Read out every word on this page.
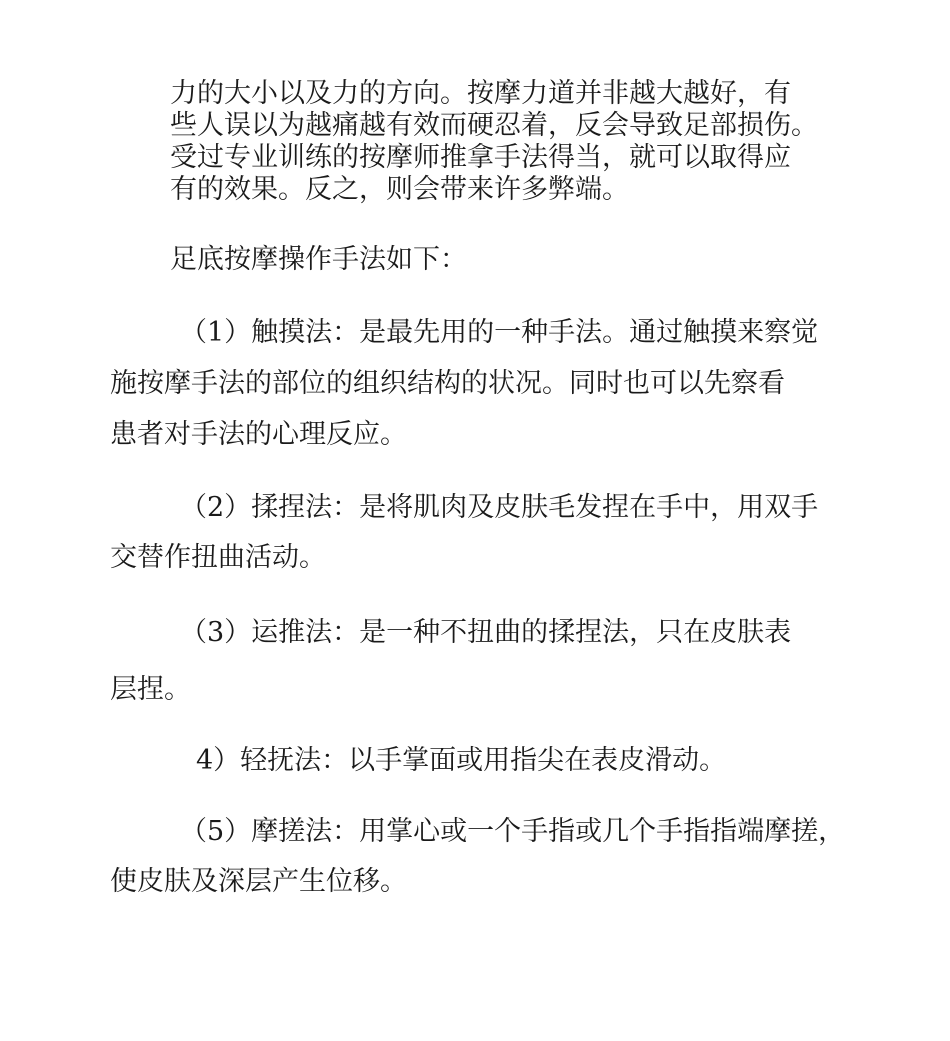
力的大小以及力的方向。按摩力道并非越大越好，有
些人误以为越痛越有效而硬忍着，反会导致足部损伤。
受过专业训练的按摩师推拿手法得当，就可以取得应
有的效果。反之，则会带来许多弊端。
足底按摩操作手法如下：
（1）触摸法：是最先用的一种手法。通过触摸来察觉
施按摩手法的部位的组织结构的状况。同时也可以先察看
患者对手法的心理反应。
（2）揉捏法：是将肌肉及皮肤毛发捏在手中，用双手
交替作扭曲活动。
（3）运推法：是一种不扭曲的揉捏法，只在皮肤表
层捏。
4）轻抚法：以手掌面或用指尖在表皮滑动。
（5）摩搓法：用掌心或一个手指或几个手指指端摩搓，
使皮肤及深层产生位移。
